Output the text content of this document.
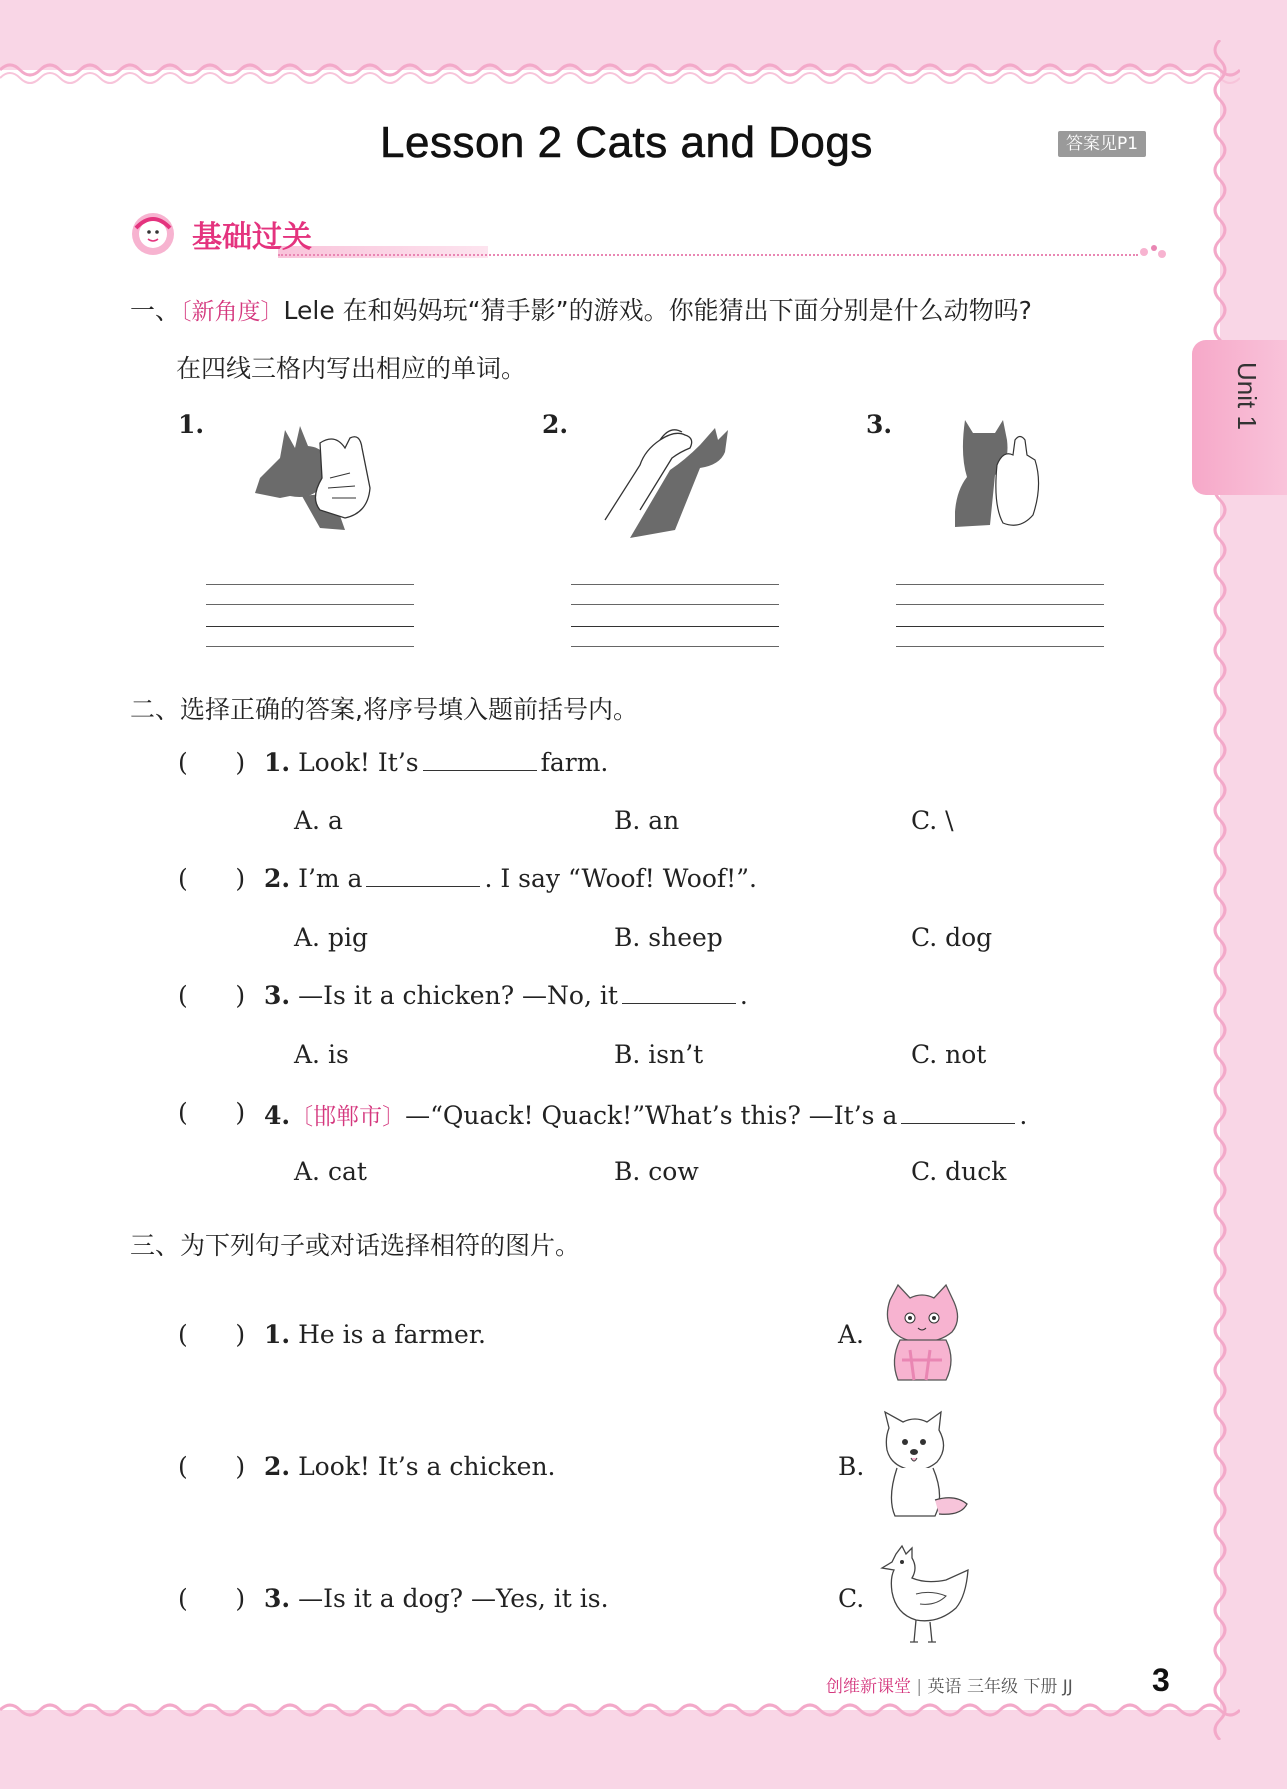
Unit 1
Lesson 2 Cats and Dogs	答案见P1
基础过关
一、〔新角度〕Lele 在和妈妈玩“猜手影”的游戏。你能猜出下面分别是什么动物吗?
在四线三格内写出相应的单词。
1.	2.	3.
二、选择正确的答案,将序号填入题前括号内。
(      ) 1. Look! It’s	farm.
A. a	B. an	C. \
(      ) 2. I’m a	. I say “Woof! Woof!”.
A. pig	B. sheep	C. dog
(      ) 3. —Is it a chicken? —No, it	.
A. is	B. isn’t	C. not
(      ) 4.〔邯郸市〕—“Quack! Quack!”What’s this? —It’s a	.
A. cat	B. cow	C. duck
三、为下列句子或对话选择相符的图片。
(      ) 1. He is a farmer.	A.
(      ) 2. Look! It’s a chicken.	B.
(      ) 3. —Is it a dog? —Yes, it is.	C.
创维新课堂 | 英语 三年级 下册 JJ 3
